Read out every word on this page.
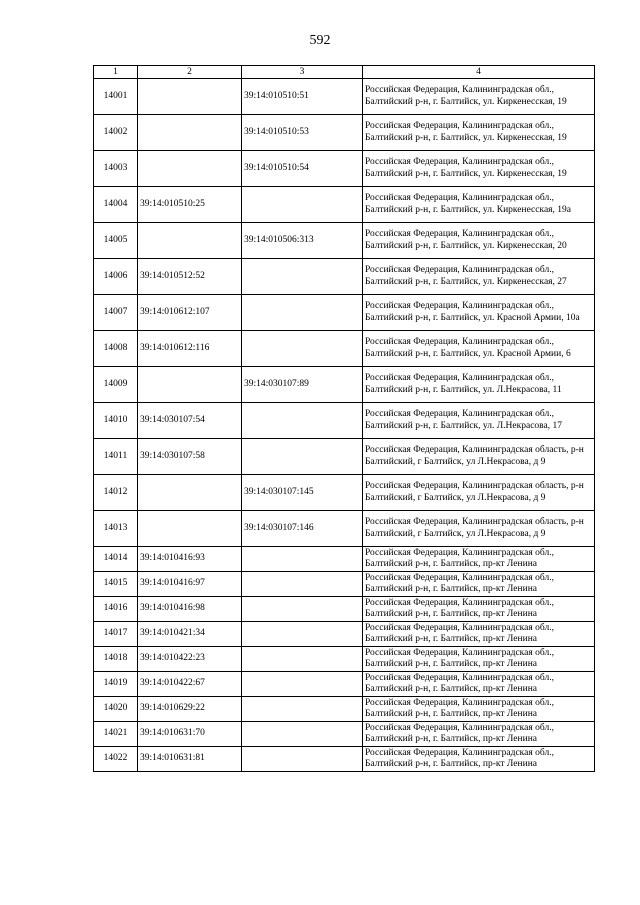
592
1	2	3	4
14001		39:14:010510:51	Российская Федерация, Калининградская обл., Балтийский р-н, г. Балтийск, ул. Киркенесская, 19
14002		39:14:010510:53	Российская Федерация, Калининградская обл., Балтийский р-н, г. Балтийск, ул. Киркенесская, 19
14003		39:14:010510:54	Российская Федерация, Калининградская обл., Балтийский р-н, г. Балтийск, ул. Киркенесская, 19
14004	39:14:010510:25		Российская Федерация, Калининградская обл., Балтийский р-н, г. Балтийск, ул. Киркенесская, 19а
14005		39:14:010506:313	Российская Федерация, Калининградская обл., Балтийский р-н, г. Балтийск, ул. Киркенесская, 20
14006	39:14:010512:52		Российская Федерация, Калининградская обл., Балтийский р-н, г. Балтийск, ул. Киркенесская, 27
14007	39:14:010612:107		Российская Федерация, Калининградская обл., Балтийский р-н, г. Балтийск, ул. Красной Армии, 10а
14008	39:14:010612:116		Российская Федерация, Калининградская обл., Балтийский р-н, г. Балтийск, ул. Красной Армии, 6
14009		39:14:030107:89	Российская Федерация, Калининградская обл., Балтийский р-н, г. Балтийск, ул. Л.Некрасова, 11
14010	39:14:030107:54		Российская Федерация, Калининградская обл., Балтийский р-н, г. Балтийск, ул. Л.Некрасова, 17
14011	39:14:030107:58		Российская Федерация, Калининградская область, р-н Балтийский, г Балтийск, ул Л.Некрасова, д 9
14012		39:14:030107:145	Российская Федерация, Калининградская область, р-н Балтийский, г Балтийск, ул Л.Некрасова, д 9
14013		39:14:030107:146	Российская Федерация, Калининградская область, р-н Балтийский, г Балтийск, ул Л.Некрасова, д 9
14014	39:14:010416:93		Российская Федерация, Калининградская обл., Балтийский р-н, г. Балтийск, пр-кт Ленина
14015	39:14:010416:97		Российская Федерация, Калининградская обл., Балтийский р-н, г. Балтийск, пр-кт Ленина
14016	39:14:010416:98		Российская Федерация, Калининградская обл., Балтийский р-н, г. Балтийск, пр-кт Ленина
14017	39:14:010421:34		Российская Федерация, Калининградская обл., Балтийский р-н, г. Балтийск, пр-кт Ленина
14018	39:14:010422:23		Российская Федерация, Калининградская обл., Балтийский р-н, г. Балтийск, пр-кт Ленина
14019	39:14:010422:67		Российская Федерация, Калининградская обл., Балтийский р-н, г. Балтийск, пр-кт Ленина
14020	39:14:010629:22		Российская Федерация, Калининградская обл., Балтийский р-н, г. Балтийск, пр-кт Ленина
14021	39:14:010631:70		Российская Федерация, Калининградская обл., Балтийский р-н, г. Балтийск, пр-кт Ленина
14022	39:14:010631:81		Российская Федерация, Калининградская обл., Балтийский р-н, г. Балтийск, пр-кт Ленина
